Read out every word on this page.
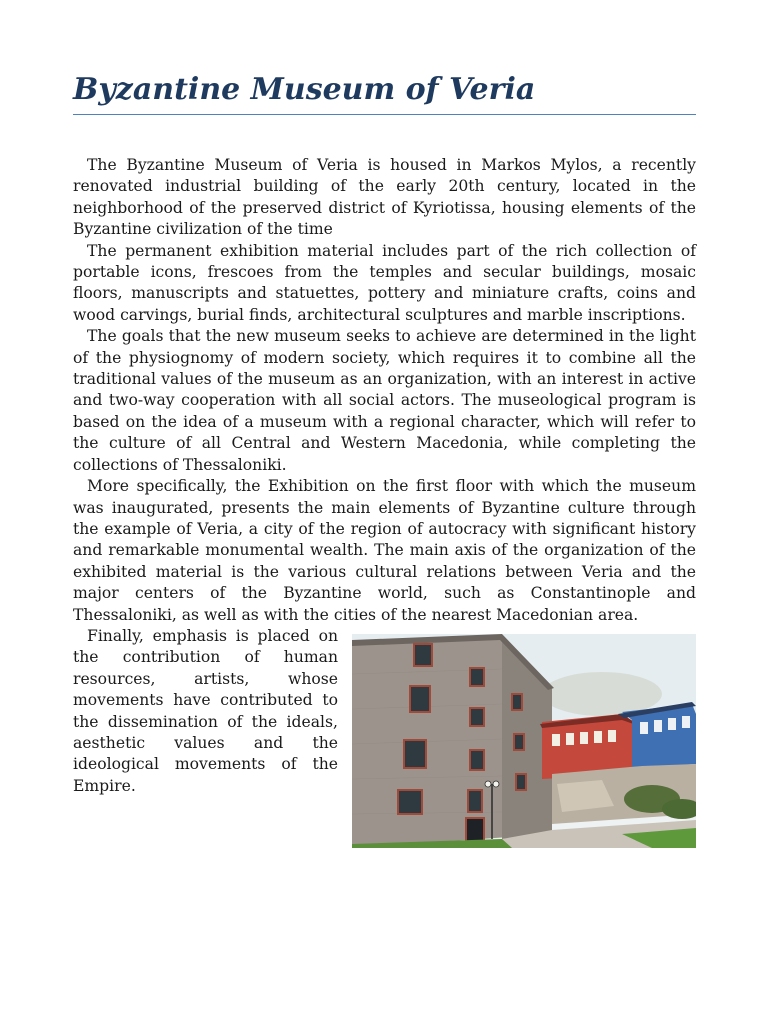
Byzantine Museum of Veria

The Byzantine Museum of Veria is housed in Markos Mylos, a recently renovated industrial building of the early 20th century, located in the neighborhood of the preserved district of Kyriotissa, housing elements of the Byzantine civilization of the time

The permanent exhibition material includes part of the rich collection of portable icons, frescoes from the temples and secular buildings, mosaic floors, manuscripts and statuettes, pottery and miniature crafts, coins and wood carvings, burial finds, architectural sculptures and marble inscriptions.

The goals that the new museum seeks to achieve are determined in the light of the physiognomy of modern society, which requires it to combine all the traditional values of the museum as an organization, with an interest in active and two-way cooperation with all social actors. The museological program is based on the idea of a museum with a regional character, which will refer to the culture of all Central and Western Macedonia, while completing the collections of Thessaloniki.

More specifically, the Exhibition on the first floor with which the museum was inaugurated, presents the main elements of Byzantine culture through the example of Veria, a city of the region of autocracy with significant history and remarkable monumental wealth. The main axis of the organization of the exhibited material is the various cultural relations between Veria and the major centers of the Byzantine world, such as Constantinople and Thessaloniki, as well as with the cities of the nearest Macedonian area.

Finally, emphasis is placed on the contribution of human resources, artists, whose movements have contributed to the dissemination of the ideals, aesthetic values and the ideological movements of the Empire.
